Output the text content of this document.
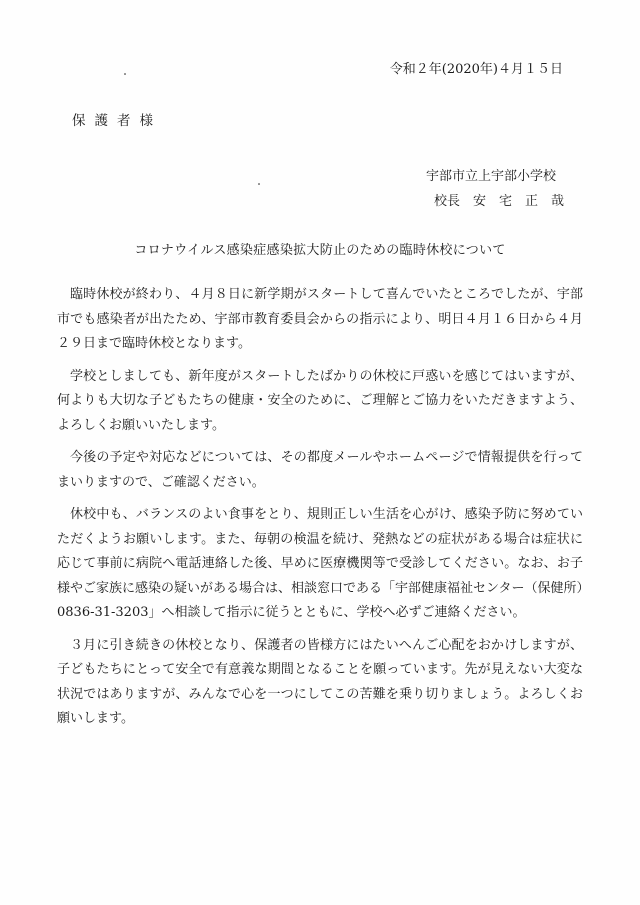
令和２年(2020年)４月１５日
保護者様
宇部市立上宇部小学校
校長　安　宅　正　哉
コロナウイルス感染症感染拡大防止のための臨時休校について

臨時休校が終わり、４月８日に新学期がスタートして喜んでいたところでしたが、宇部市でも感染者が出たため、宇部市教育委員会からの指示により、明日４月１６日から４月２９日まで臨時休校となります。

学校としましても、新年度がスタートしたばかりの休校に戸惑いを感じてはいますが、何よりも大切な子どもたちの健康・安全のために、ご理解とご協力をいただきますよう、よろしくお願いいたします。

今後の予定や対応などについては、その都度メールやホームページで情報提供を行ってまいりますので、ご確認ください。

休校中も、バランスのよい食事をとり、規則正しい生活を心がけ、感染予防に努めていただくようお願いします。また、毎朝の検温を続け、発熱などの症状がある場合は症状に応じて事前に病院へ電話連絡した後、早めに医療機関等で受診してください。なお、お子様やご家族に感染の疑いがある場合は、相談窓口である「宇部健康福祉センター（保健所）0836-31-3203」へ相談して指示に従うとともに、学校へ必ずご連絡ください。

３月に引き続きの休校となり、保護者の皆様方にはたいへんご心配をおかけしますが、子どもたちにとって安全で有意義な期間となることを願っています。先が見えない大変な状況ではありますが、みんなで心を一つにしてこの苦難を乗り切りましょう。よろしくお願いします。
